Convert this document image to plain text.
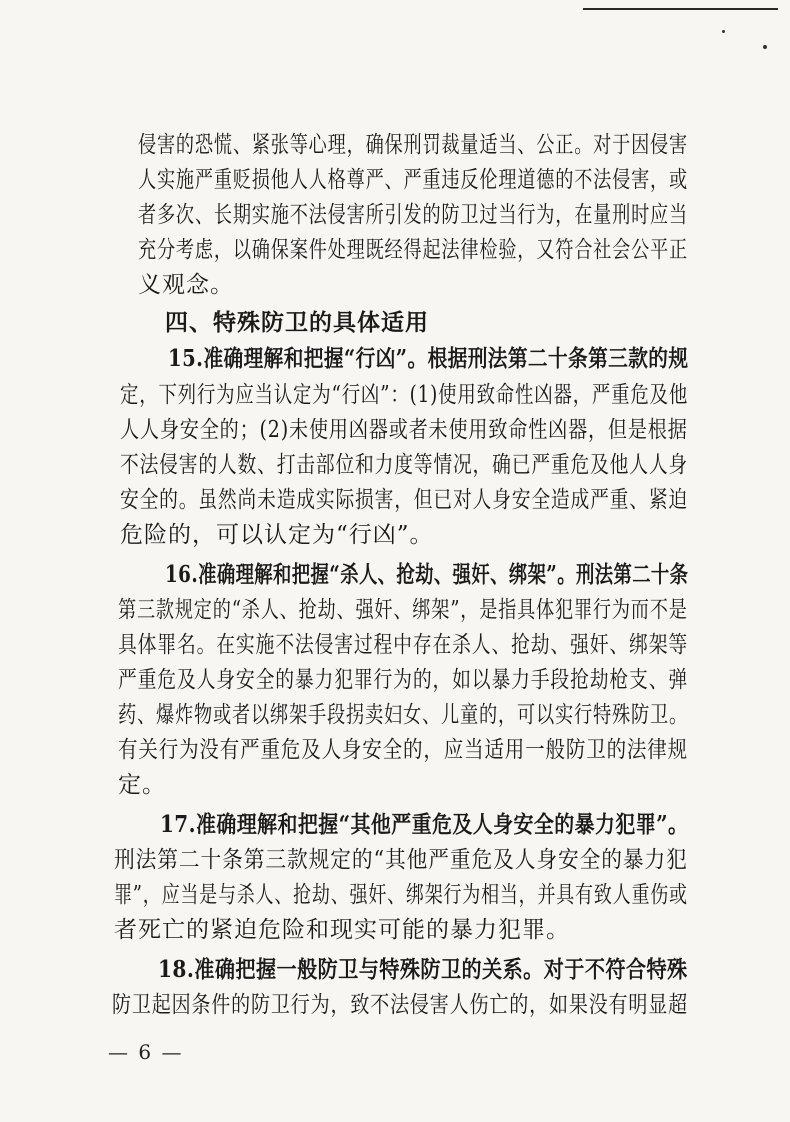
侵害的恐慌、紧张等心理，确保刑罚裁量适当、公正。对于因侵害
人实施严重贬损他人人格尊严、严重违反伦理道德的不法侵害，或
者多次、长期实施不法侵害所引发的防卫过当行为，在量刑时应当
充分考虑，以确保案件处理既经得起法律检验，又符合社会公平正
义观念。
四、特殊防卫的具体适用
15.准确理解和把握“行凶”。根据刑法第二十条第三款的规
定，下列行为应当认定为“行凶”：(1)使用致命性凶器，严重危及他
人人身安全的；(2)未使用凶器或者未使用致命性凶器，但是根据
不法侵害的人数、打击部位和力度等情况，确已严重危及他人人身
安全的。虽然尚未造成实际损害，但已对人身安全造成严重、紧迫
危险的，可以认定为“行凶”。
16.准确理解和把握“杀人、抢劫、强奸、绑架”。刑法第二十条
第三款规定的“杀人、抢劫、强奸、绑架”，是指具体犯罪行为而不是
具体罪名。在实施不法侵害过程中存在杀人、抢劫、强奸、绑架等
严重危及人身安全的暴力犯罪行为的，如以暴力手段抢劫枪支、弹
药、爆炸物或者以绑架手段拐卖妇女、儿童的，可以实行特殊防卫。
有关行为没有严重危及人身安全的，应当适用一般防卫的法律规
定。
17.准确理解和把握“其他严重危及人身安全的暴力犯罪”。
刑法第二十条第三款规定的“其他严重危及人身安全的暴力犯
罪”，应当是与杀人、抢劫、强奸、绑架行为相当，并具有致人重伤或
者死亡的紧迫危险和现实可能的暴力犯罪。
18.准确把握一般防卫与特殊防卫的关系。对于不符合特殊
防卫起因条件的防卫行为，致不法侵害人伤亡的，如果没有明显超
— 6 —
